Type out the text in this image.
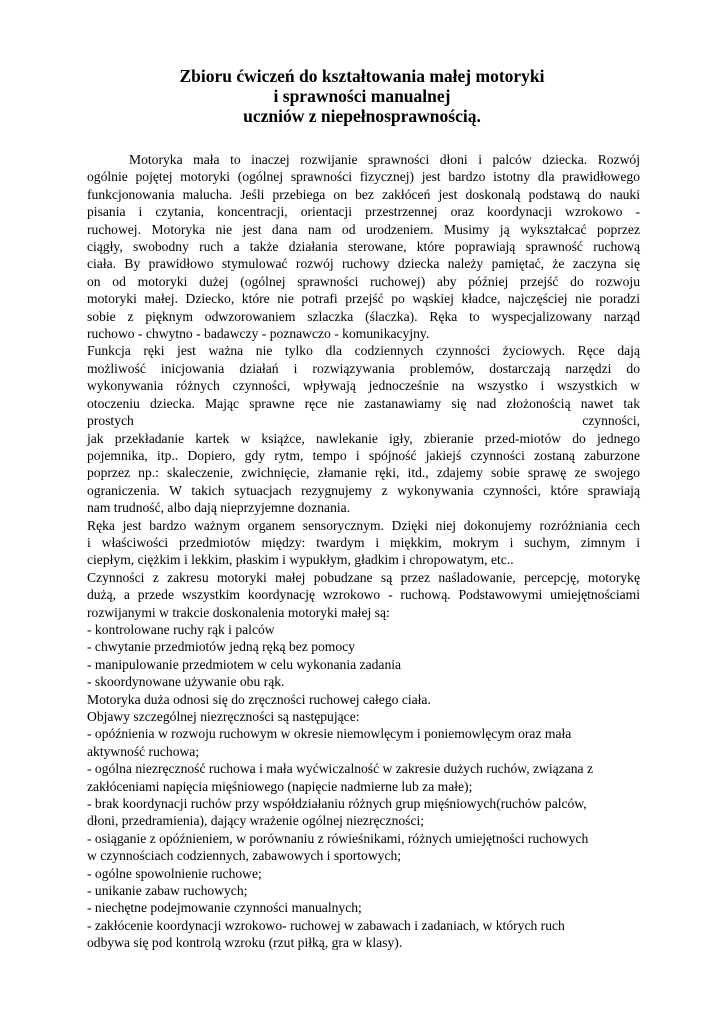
Zbioru ćwiczeń do kształtowania małej motoryki
i sprawności manualnej
uczniów z niepełnosprawnością.

Motoryka mała to inaczej rozwijanie sprawności dłoni i palców dziecka. Rozwój

ogólnie pojętej motoryki (ogólnej sprawności fizycznej) jest bardzo istotny dla prawidłowego

funkcjonowania malucha. Jeśli przebiega on bez zakłóceń jest doskonalą podstawą do nauki

pisania i czytania, koncentracji, orientacji przestrzennej oraz koordynacji wzrokowo -

ruchowej. Motoryka nie jest dana nam od urodzeniem. Musimy ją wykształcać poprzez

ciągły, swobodny ruch a także działania sterowane, które poprawiają sprawność ruchową

ciała. By prawidłowo stymulować rozwój ruchowy dziecka należy pamiętać, że zaczyna się

on od motoryki dużej (ogólnej sprawności ruchowej) aby później przejść do rozwoju

motoryki małej. Dziecko, które nie potrafi przejść po wąskiej kładce, najczęściej nie poradzi

sobie z pięknym odwzorowaniem szlaczka (ślaczka). Ręka to wyspecjalizowany narząd

ruchowo - chwytno - badawczy - poznawczo - komunikacyjny.

Funkcja ręki jest ważna nie tylko dla codziennych czynności życiowych. Ręce dają

możliwość inicjowania działań i rozwiązywania problemów, dostarczają narzędzi do

wykonywania różnych czynności, wpływają jednocześnie na wszystko i wszystkich w

otoczeniu dziecka. Mając sprawne ręce nie zastanawiamy się nad złożonością nawet tak

prostych czynności,

jak przekładanie kartek w książce, nawlekanie igły, zbieranie przed-miotów do jednego

pojemnika, itp.. Dopiero, gdy rytm, tempo i spójność jakiejś czynności zostaną zaburzone

poprzez np.: skaleczenie, zwichnięcie, złamanie ręki, itd., zdajemy sobie sprawę ze swojego

ograniczenia. W takich sytuacjach rezygnujemy z wykonywania czynności, które sprawiają

nam trudność, albo dają nieprzyjemne doznania.

Ręka jest bardzo ważnym organem sensorycznym. Dzięki niej dokonujemy rozróżniania cech

i właściwości przedmiotów między: twardym i miękkim, mokrym i suchym, zimnym i

ciepłym, ciężkim i lekkim, płaskim i wypukłym, gładkim i chropowatym, etc..

Czynności z zakresu motoryki małej pobudzane są przez naśladowanie, percepcję, motorykę

dużą, a przede wszystkim koordynację wzrokowo - ruchową. Podstawowymi umiejętnościami

rozwijanymi w trakcie doskonalenia motoryki małej są:

- kontrolowane ruchy rąk i palców

- chwytanie przedmiotów jedną ręką bez pomocy

- manipulowanie przedmiotem w celu wykonania zadania

- skoordynowane używanie obu rąk.

Motoryka duża odnosi się do zręczności ruchowej całego ciała.

Objawy szczególnej niezręczności są następujące:

- opóźnienia w rozwoju ruchowym w okresie niemowlęcym i poniemowlęcym oraz mała

aktywność ruchowa;

- ogólna niezręczność ruchowa i mała wyćwiczalność w zakresie dużych ruchów, związana z

zakłóceniami napięcia mięśniowego (napięcie nadmierne lub za małe);

- brak koordynacji ruchów przy współdziałaniu różnych grup mięśniowych(ruchów palców,

dłoni, przedramienia), dający wrażenie ogólnej niezręczności;

- osiąganie z opóźnieniem, w porównaniu z rówieśnikami, różnych umiejętności ruchowych

w czynnościach codziennych, zabawowych i sportowych;

- ogólne spowolnienie ruchowe;

- unikanie zabaw ruchowych;

- niechętne podejmowanie czynności manualnych;

- zakłócenie koordynacji wzrokowo- ruchowej w zabawach i zadaniach, w których ruch

odbywa się pod kontrolą wzroku (rzut piłką, gra w klasy).
